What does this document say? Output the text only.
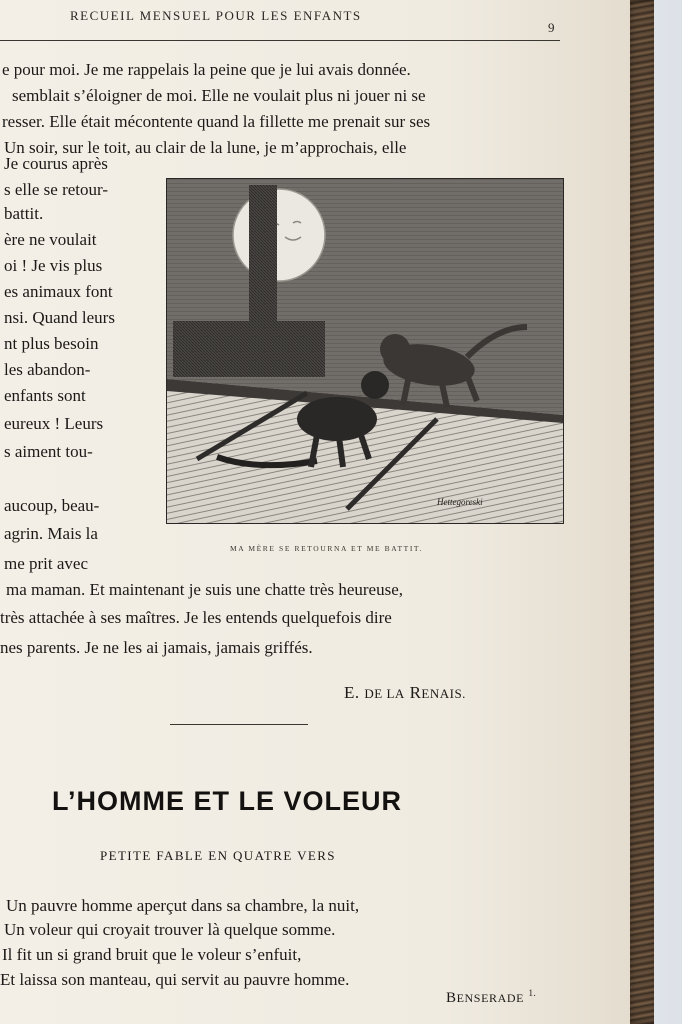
RECUEIL MENSUEL POUR LES ENFANTS
9
e pour moi. Je me rappelais la peine que je lui avais donnée.
semblait s’éloigner de moi. Elle ne voulait plus ni jouer ni se
resser. Elle était mécontente quand la fillette me prenait sur ses
Un soir, sur le toit, au clair de la lune, je m’approchais, elle
Je courus après
s elle se retour-
battit.
ère ne voulait
oi ! Je vis plus
es animaux font
nsi. Quand leurs
nt plus besoin
les abandon-
enfants sont
eureux ! Leurs
s aiment tou-
aucoup, beau-
agrin. Mais la
me prit avec
Hettegoreski
MA MÈRE SE RETOURNA ET ME BATTIT.
ma maman. Et maintenant je suis une chatte très heureuse,
très attachée à ses maîtres. Je les entends quelquefois dire
nes parents. Je ne les ai jamais, jamais griffés.
E. DE LA RENAIS.
L’HOMME ET LE VOLEUR
PETITE FABLE EN QUATRE VERS
Un pauvre homme aperçut dans sa chambre, la nuit,
Un voleur qui croyait trouver là quelque somme.
Il fit un si grand bruit que le voleur s’enfuit,
Et laissa son manteau, qui servit au pauvre homme.
BENSERADE $^{1.}$
